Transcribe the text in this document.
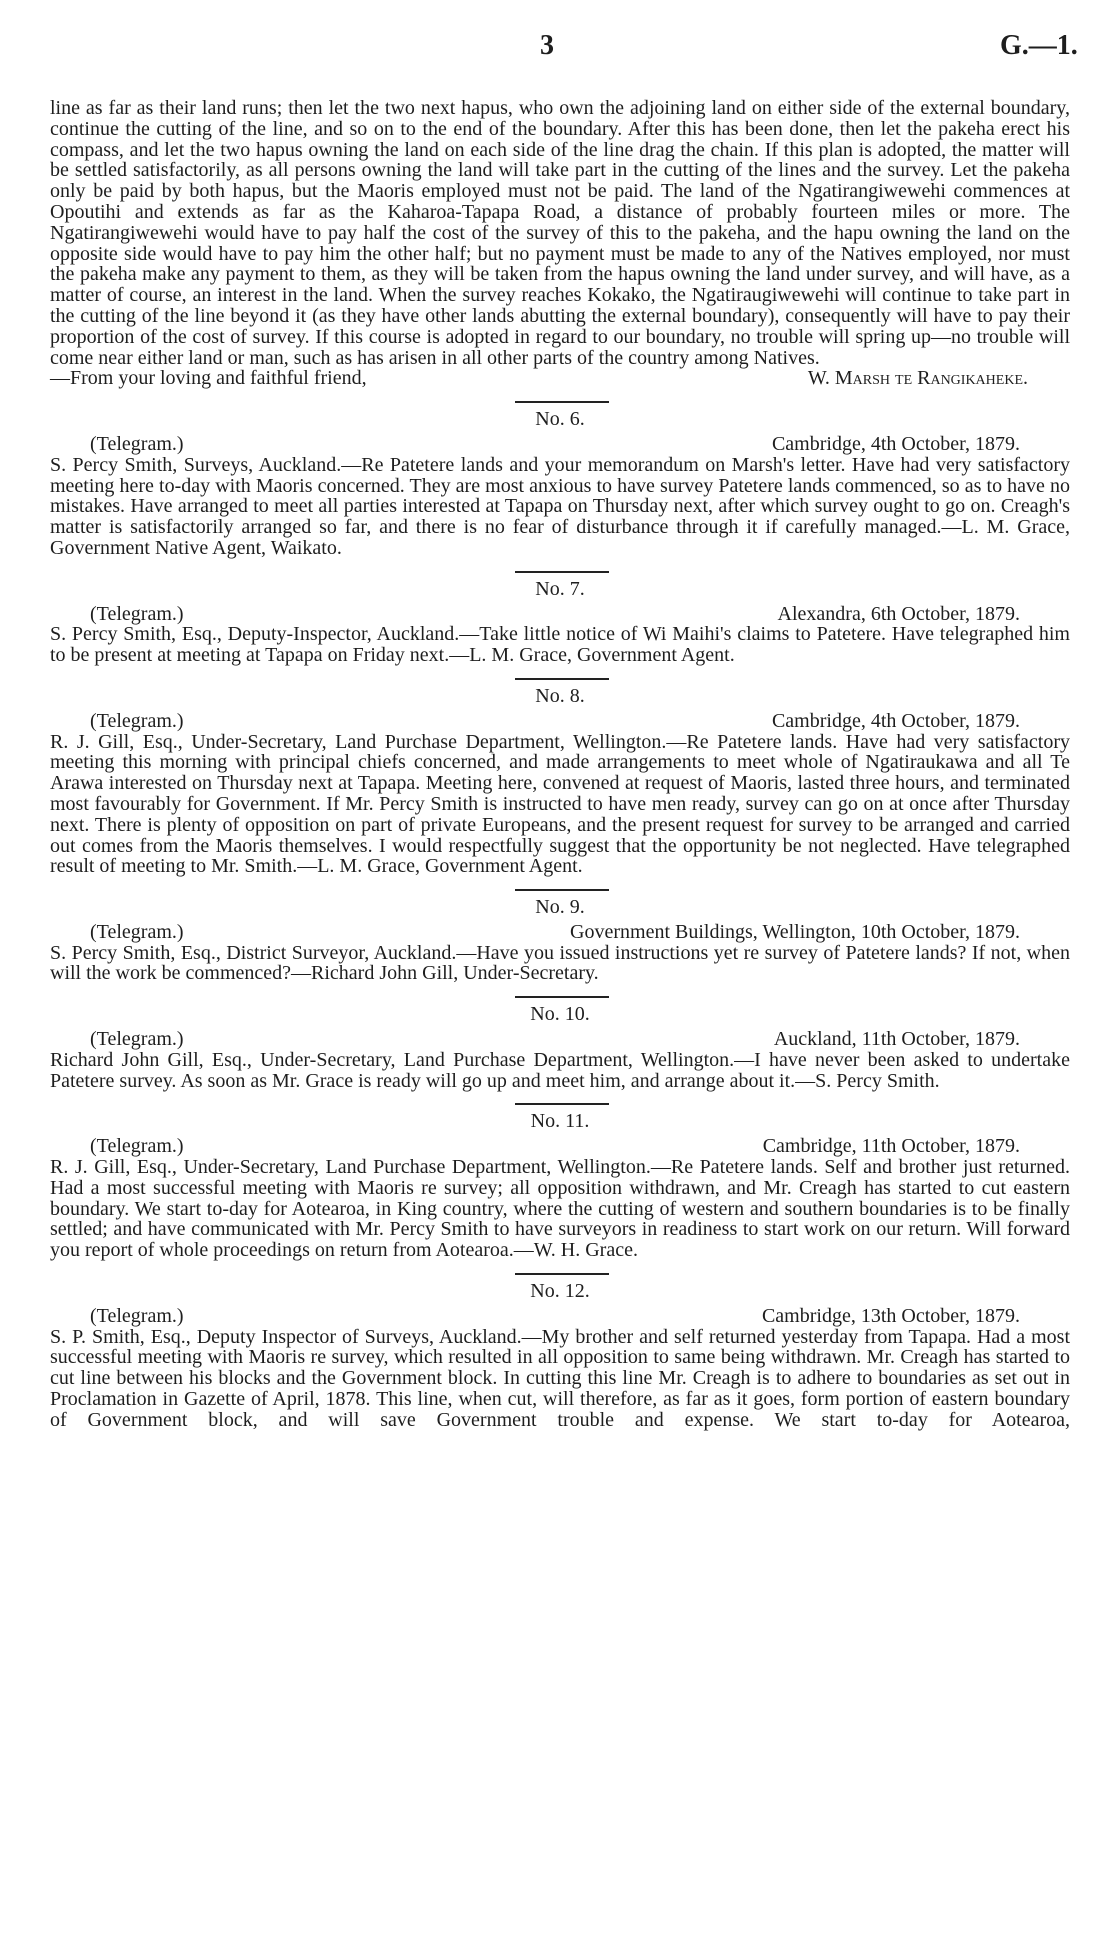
3	G.—1.

line as far as their land runs; then let the two next hapus, who own the adjoining land on either side of the external boundary, continue the cutting of the line, and so on to the end of the boundary. After this has been done, then let the pakeha erect his compass, and let the two hapus owning the land on each side of the line drag the chain. If this plan is adopted, the matter will be settled satisfactorily, as all persons owning the land will take part in the cutting of the lines and the survey. Let the pakeha only be paid by both hapus, but the Maoris employed must not be paid. The land of the Ngatirangiwewehi commences at Opoutihi and extends as far as the Kaharoa-Tapapa Road, a distance of probably fourteen miles or more. The Ngatirangiwewehi would have to pay half the cost of the survey of this to the pakeha, and the hapu owning the land on the opposite side would have to pay him the other half; but no payment must be made to any of the Natives employed, nor must the pakeha make any payment to them, as they will be taken from the hapus owning the land under survey, and will have, as a matter of course, an interest in the land. When the survey reaches Kokako, the Ngatiraugiwewehi will continue to take part in the cutting of the line beyond it (as they have other lands abutting the external boundary), consequently will have to pay their proportion of the cost of survey. If this course is adopted in regard to our boundary, no trouble will spring up—no trouble will come near either land or man, such as has arisen in all other parts of the country among Natives.

—From your loving and faithful friend,	W. Marsh te Rangikaheke.
No. 6.
(Telegram.)	Cambridge, 4th October, 1879.

S. Percy Smith, Surveys, Auckland.—Re Patetere lands and your memorandum on Marsh's letter. Have had very satisfactory meeting here to-day with Maoris concerned. They are most anxious to have survey Patetere lands commenced, so as to have no mistakes. Have arranged to meet all parties interested at Tapapa on Thursday next, after which survey ought to go on. Creagh's matter is satisfactorily arranged so far, and there is no fear of disturbance through it if carefully managed.—L. M. Grace, Government Native Agent, Waikato.

No. 7.
(Telegram.)	Alexandra, 6th October, 1879.

S. Percy Smith, Esq., Deputy-Inspector, Auckland.—Take little notice of Wi Maihi's claims to Patetere. Have telegraphed him to be present at meeting at Tapapa on Friday next.—L. M. Grace, Government Agent.

No. 8.
(Telegram.)	Cambridge, 4th October, 1879.

R. J. Gill, Esq., Under-Secretary, Land Purchase Department, Wellington.—Re Patetere lands. Have had very satisfactory meeting this morning with principal chiefs concerned, and made arrangements to meet whole of Ngatiraukawa and all Te Arawa interested on Thursday next at Tapapa. Meeting here, convened at request of Maoris, lasted three hours, and terminated most favourably for Government. If Mr. Percy Smith is instructed to have men ready, survey can go on at once after Thursday next. There is plenty of opposition on part of private Europeans, and the present request for survey to be arranged and carried out comes from the Maoris themselves. I would respectfully suggest that the opportunity be not neglected. Have telegraphed result of meeting to Mr. Smith.—L. M. Grace, Government Agent.

No. 9.
(Telegram.)	Government Buildings, Wellington, 10th October, 1879.

S. Percy Smith, Esq., District Surveyor, Auckland.—Have you issued instructions yet re survey of Patetere lands? If not, when will the work be commenced?—Richard John Gill, Under-Secretary.

No. 10.
(Telegram.)	Auckland, 11th October, 1879.

Richard John Gill, Esq., Under-Secretary, Land Purchase Department, Wellington.—I have never been asked to undertake Patetere survey. As soon as Mr. Grace is ready will go up and meet him, and arrange about it.—S. Percy Smith.

No. 11.
(Telegram.)	Cambridge, 11th October, 1879.

R. J. Gill, Esq., Under-Secretary, Land Purchase Department, Wellington.—Re Patetere lands. Self and brother just returned. Had a most successful meeting with Maoris re survey; all opposition withdrawn, and Mr. Creagh has started to cut eastern boundary. We start to-day for Aotearoa, in King country, where the cutting of western and southern boundaries is to be finally settled; and have communicated with Mr. Percy Smith to have surveyors in readiness to start work on our return. Will forward you report of whole proceedings on return from Aotearoa.—W. H. Grace.

No. 12.
(Telegram.)	Cambridge, 13th October, 1879.

S. P. Smith, Esq., Deputy Inspector of Surveys, Auckland.—My brother and self returned yesterday from Tapapa. Had a most successful meeting with Maoris re survey, which resulted in all opposition to same being withdrawn. Mr. Creagh has started to cut line between his blocks and the Government block. In cutting this line Mr. Creagh is to adhere to boundaries as set out in Proclamation in Gazette of April, 1878. This line, when cut, will therefore, as far as it goes, form portion of eastern boundary of Government block, and will save Government trouble and expense. We start to-day for Aotearoa,
